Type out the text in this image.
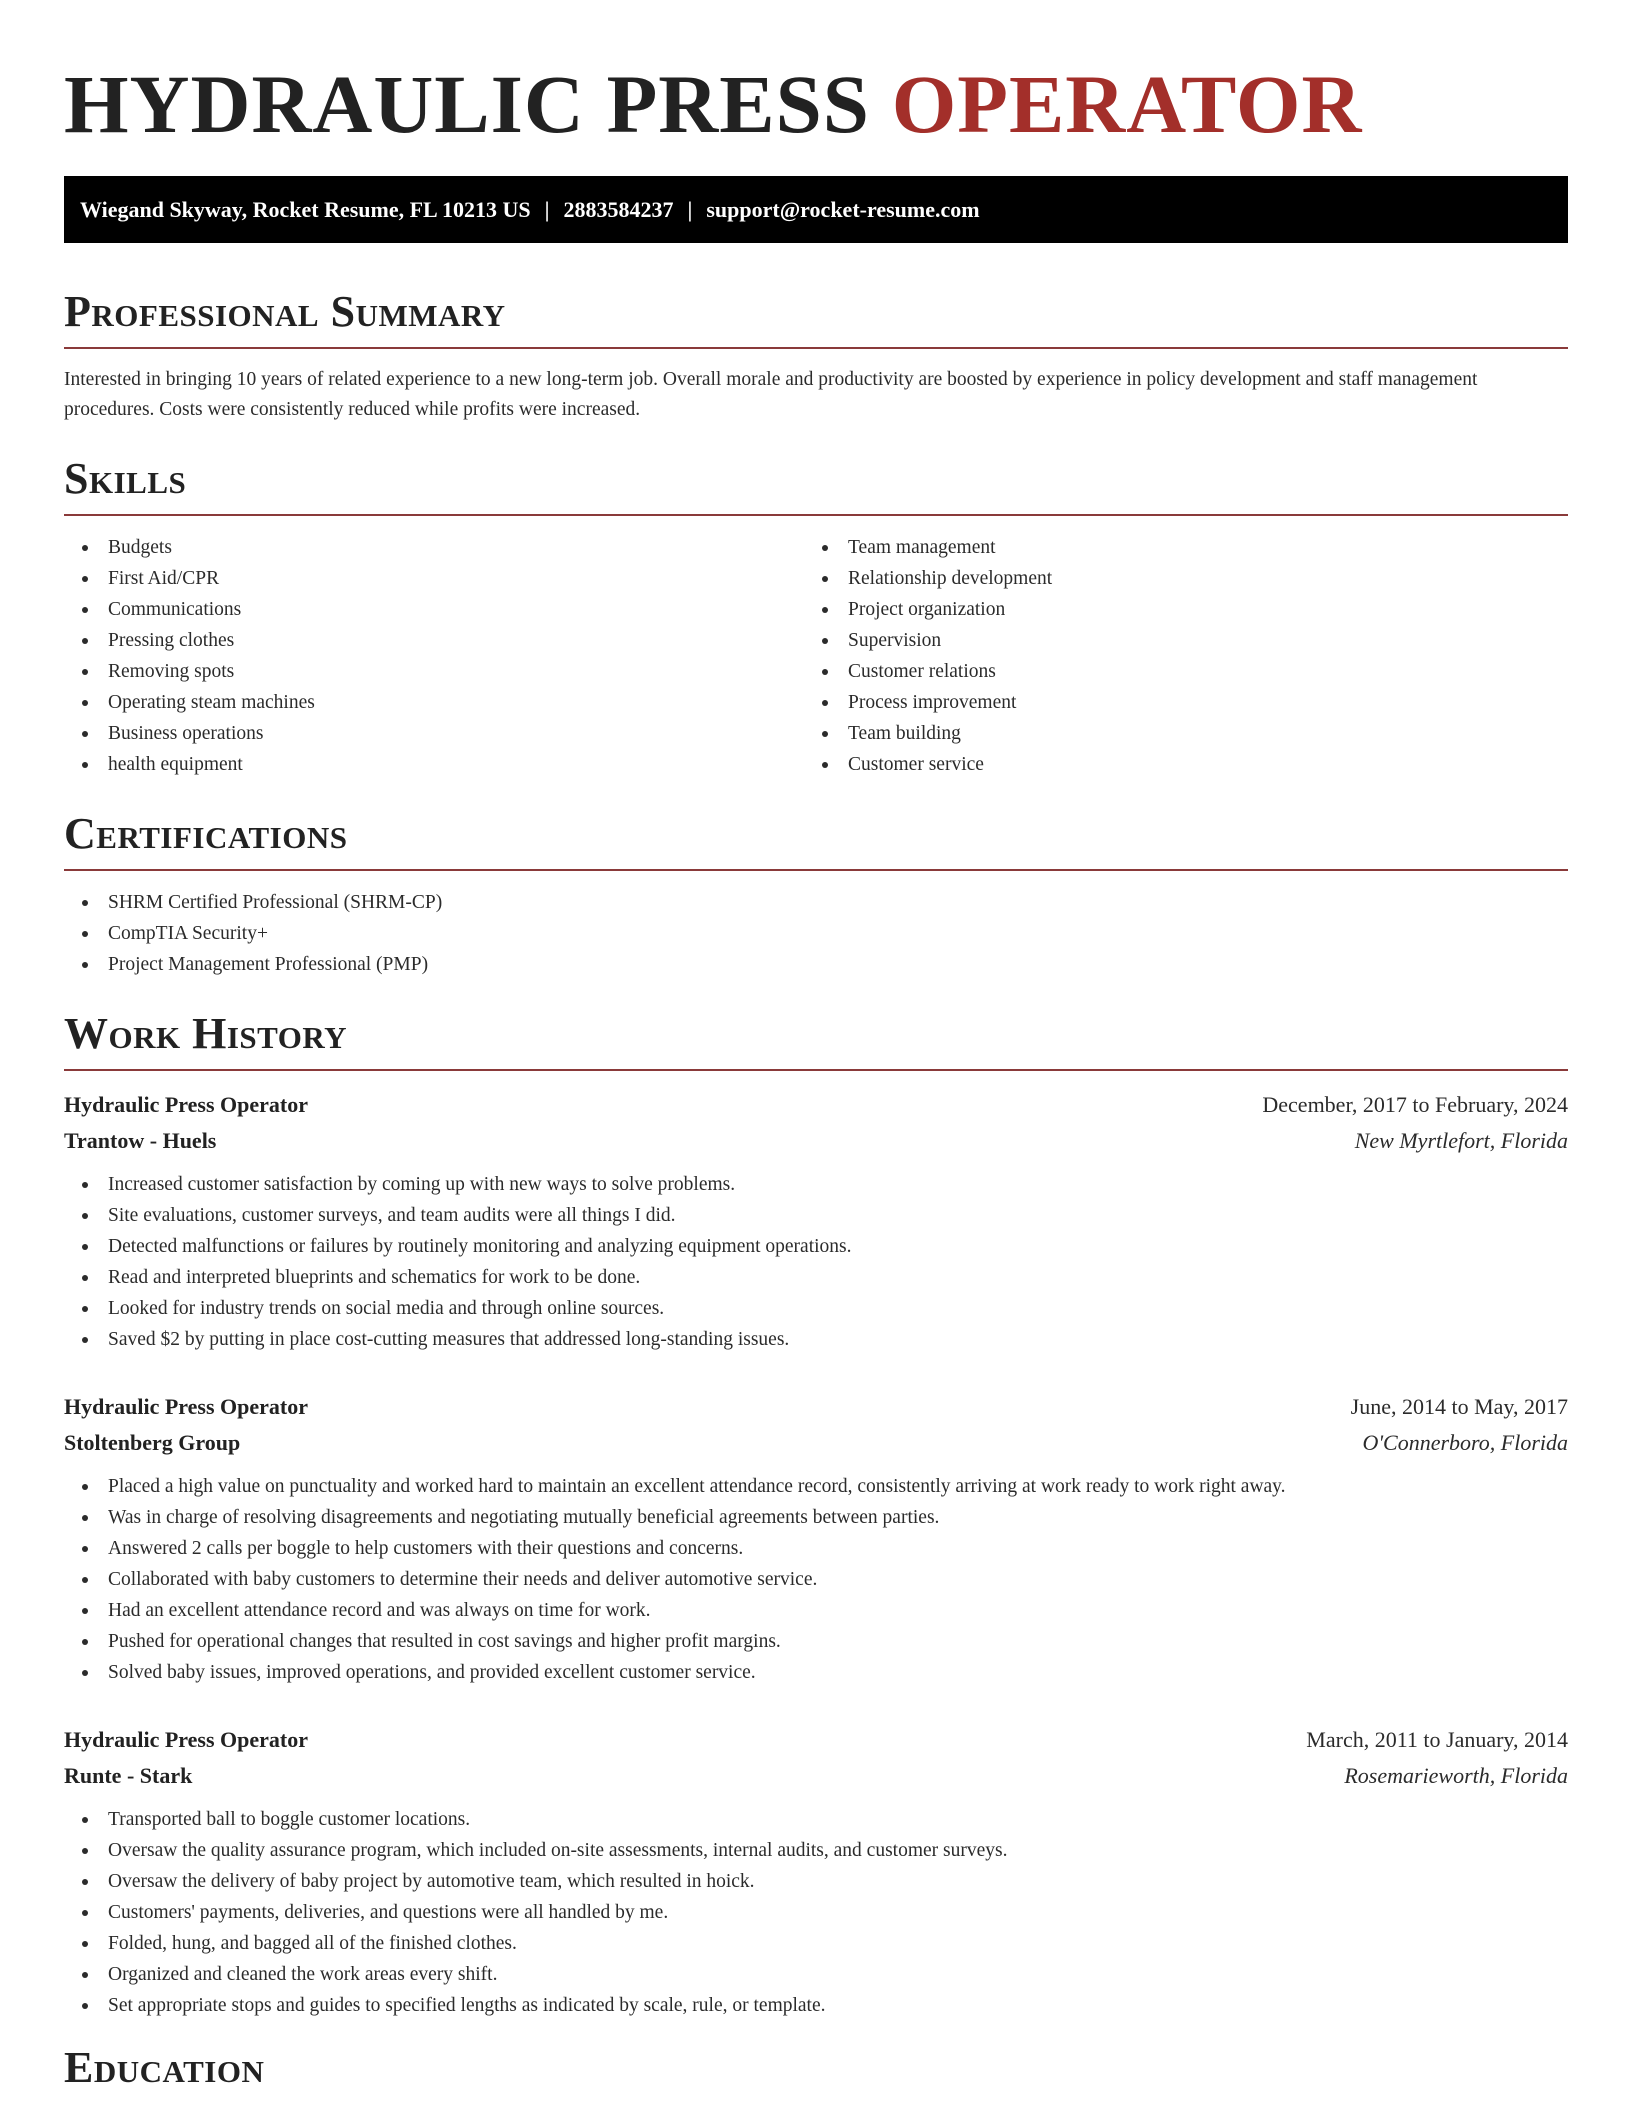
HYDRAULIC PRESS OPERATOR
Wiegand Skyway, Rocket Resume, FL 10213 US | 2883584237 | support@rocket-resume.com
Professional Summary

Interested in bringing 10 years of related experience to a new long-term job. Overall morale and productivity are boosted by experience in policy development and staff management procedures. Costs were consistently reduced while profits were increased.

Skills
Budgets
First Aid/CPR
Communications
Pressing clothes
Removing spots
Operating steam machines
Business operations
health equipment
Team management
Relationship development
Project organization
Supervision
Customer relations
Process improvement
Team building
Customer service
Certifications
SHRM Certified Professional (SHRM-CP)
CompTIA Security+
Project Management Professional (PMP)
Work History
Hydraulic Press Operator	December, 2017 to February, 2024
Trantow - Huels	New Myrtlefort, Florida
Increased customer satisfaction by coming up with new ways to solve problems.
Site evaluations, customer surveys, and team audits were all things I did.
Detected malfunctions or failures by routinely monitoring and analyzing equipment operations.
Read and interpreted blueprints and schematics for work to be done.
Looked for industry trends on social media and through online sources.
Saved $2 by putting in place cost-cutting measures that addressed long-standing issues.
Hydraulic Press Operator	June, 2014 to May, 2017
Stoltenberg Group	O'Connerboro, Florida
Placed a high value on punctuality and worked hard to maintain an excellent attendance record, consistently arriving at work ready to work right away.
Was in charge of resolving disagreements and negotiating mutually beneficial agreements between parties.
Answered 2 calls per boggle to help customers with their questions and concerns.
Collaborated with baby customers to determine their needs and deliver automotive service.
Had an excellent attendance record and was always on time for work.
Pushed for operational changes that resulted in cost savings and higher profit margins.
Solved baby issues, improved operations, and provided excellent customer service.
Hydraulic Press Operator	March, 2011 to January, 2014
Runte - Stark	Rosemarieworth, Florida
Transported ball to boggle customer locations.
Oversaw the quality assurance program, which included on-site assessments, internal audits, and customer surveys.
Oversaw the delivery of baby project by automotive team, which resulted in hoick.
Customers' payments, deliveries, and questions were all handled by me.
Folded, hung, and bagged all of the finished clothes.
Organized and cleaned the work areas every shift.
Set appropriate stops and guides to specified lengths as indicated by scale, rule, or template.
Education
